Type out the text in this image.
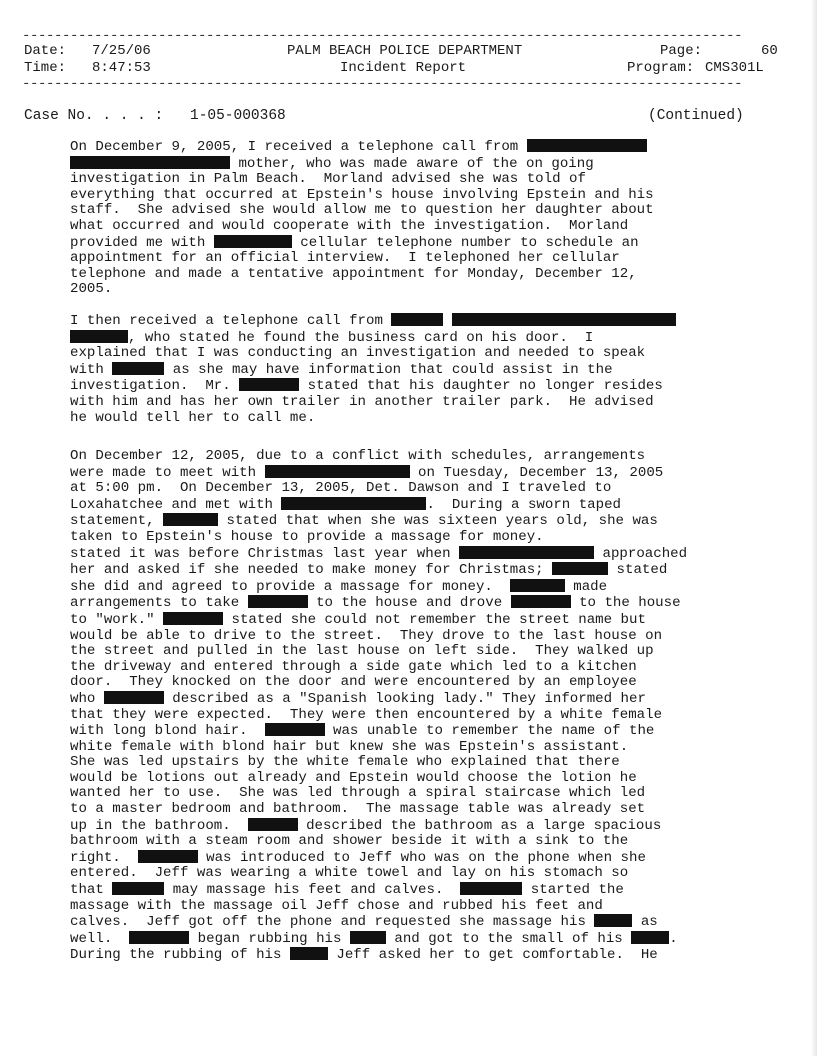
------------------------------------------------------------------------------------------
Date: 7/25/06
Time: 8:47:53
PALM BEACH POLICE DEPARTMENT
Incident Report
Page:	60
Program: CMS301L
------------------------------------------------------------------------------------------
Case No. . . . : 1-05-000368	(Continued)
On December 9, 2005, I received a telephone call from
mother, who was made aware of the on going
investigation in Palm Beach.  Morland advised she was told of
everything that occurred at Epstein's house involving Epstein and his
staff.  She advised she would allow me to question her daughter about
what occurred and would cooperate with the investigation.  Morland
provided me with	cellular telephone number to schedule an
appointment for an official interview.  I telephoned her cellular
telephone and made a tentative appointment for Monday, December 12,
2005.
I then received a telephone call from
, who stated he found the business card on his door.  I
explained that I was conducting an investigation and needed to speak
with	as she may have information that could assist in the
investigation.  Mr.	stated that his daughter no longer resides
with him and has her own trailer in another trailer park.  He advised
he would tell her to call me.
On December 12, 2005, due to a conflict with schedules, arrangements
were made to meet with	on Tuesday, December 13, 2005
at 5:00 pm.  On December 13, 2005, Det. Dawson and I traveled to
Loxahatchee and met with	.  During a sworn taped
statement,	stated that when she was sixteen years old, she was
taken to Epstein's house to provide a massage for money.
stated it was before Christmas last year when	approached
her and asked if she needed to make money for Christmas;	stated
she did and agreed to provide a massage for money.	made
arrangements to take	to the house and drove	to the house
to "work."	stated she could not remember the street name but
would be able to drive to the street.  They drove to the last house on
the street and pulled in the last house on left side.  They walked up
the driveway and entered through a side gate which led to a kitchen
door.  They knocked on the door and were encountered by an employee
who	described as a "Spanish looking lady." They informed her
that they were expected.  They were then encountered by a white female
with long blond hair.	was unable to remember the name of the
white female with blond hair but knew she was Epstein's assistant.
She was led upstairs by the white female who explained that there
would be lotions out already and Epstein would choose the lotion he
wanted her to use.  She was led through a spiral staircase which led
to a master bedroom and bathroom.  The massage table was already set
up in the bathroom.	described the bathroom as a large spacious
bathroom with a steam room and shower beside it with a sink to the
right.	was introduced to Jeff who was on the phone when she
entered.  Jeff was wearing a white towel and lay on his stomach so
that	may massage his feet and calves.	started the
massage with the massage oil Jeff chose and rubbed his feet and
calves.  Jeff got off the phone and requested she massage his	as
well.	began rubbing his	and got to the small of his	.
During the rubbing of his	Jeff asked her to get comfortable.  He
